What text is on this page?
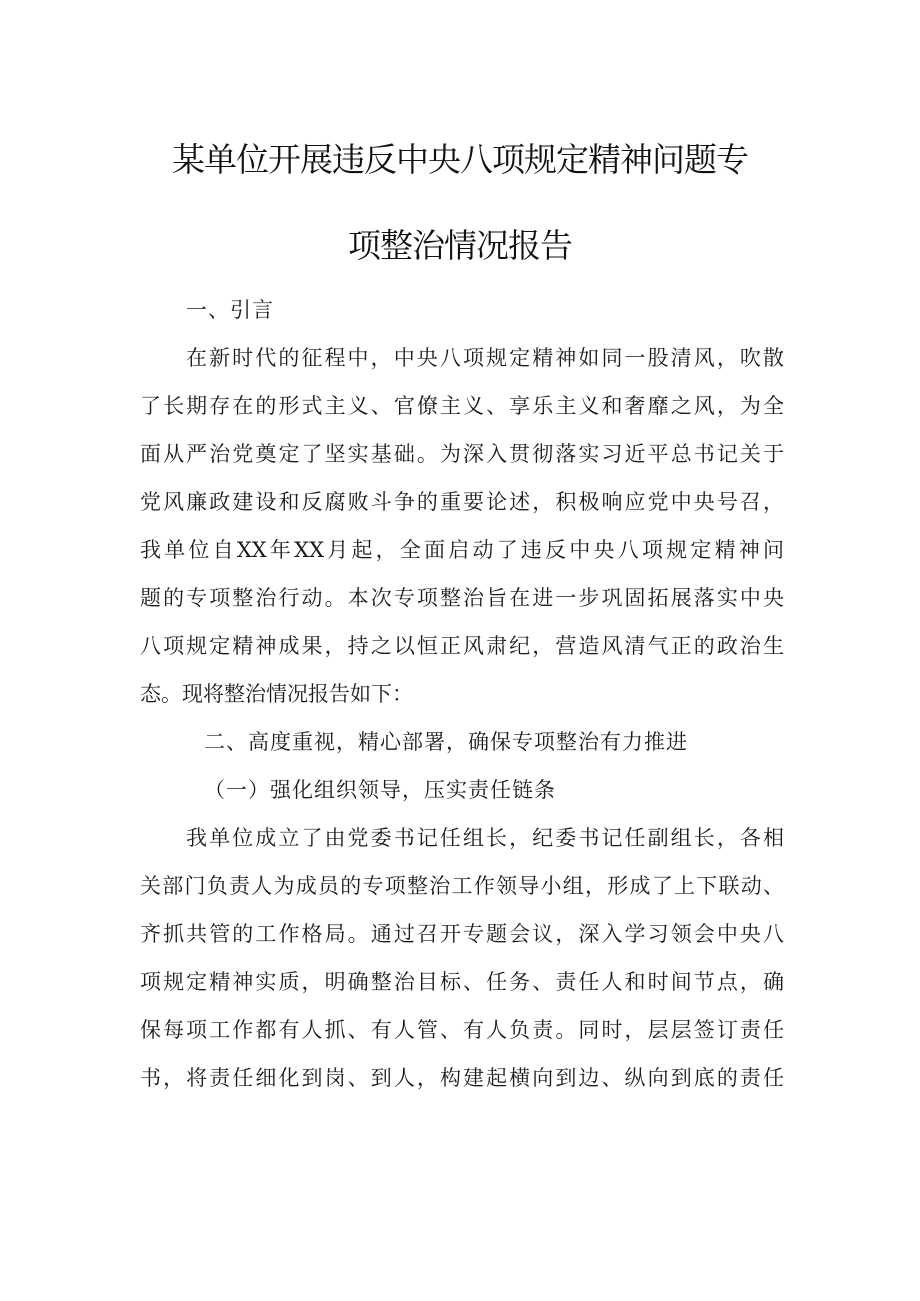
某单位开展违反中央八项规定精神问题专
项整治情况报告
一、引言
在新时代的征程中，中央八项规定精神如同一股清风，吹散
了长期存在的形式主义、官僚主义、享乐主义和奢靡之风，为全
面从严治党奠定了坚实基础。为深入贯彻落实习近平总书记关于
党风廉政建设和反腐败斗争的重要论述，积极响应党中央号召，
我单位自XX年XX月起，全面启动了违反中央八项规定精神问
题的专项整治行动。本次专项整治旨在进一步巩固拓展落实中央
八项规定精神成果，持之以恒正风肃纪，营造风清气正的政治生
态。现将整治情况报告如下：
二、高度重视，精心部署，确保专项整治有力推进
（一）强化组织领导，压实责任链条
我单位成立了由党委书记任组长，纪委书记任副组长，各相
关部门负责人为成员的专项整治工作领导小组，形成了上下联动、
齐抓共管的工作格局。通过召开专题会议，深入学习领会中央八
项规定精神实质，明确整治目标、任务、责任人和时间节点，确
保每项工作都有人抓、有人管、有人负责。同时，层层签订责任
书，将责任细化到岗、到人，构建起横向到边、纵向到底的责任
